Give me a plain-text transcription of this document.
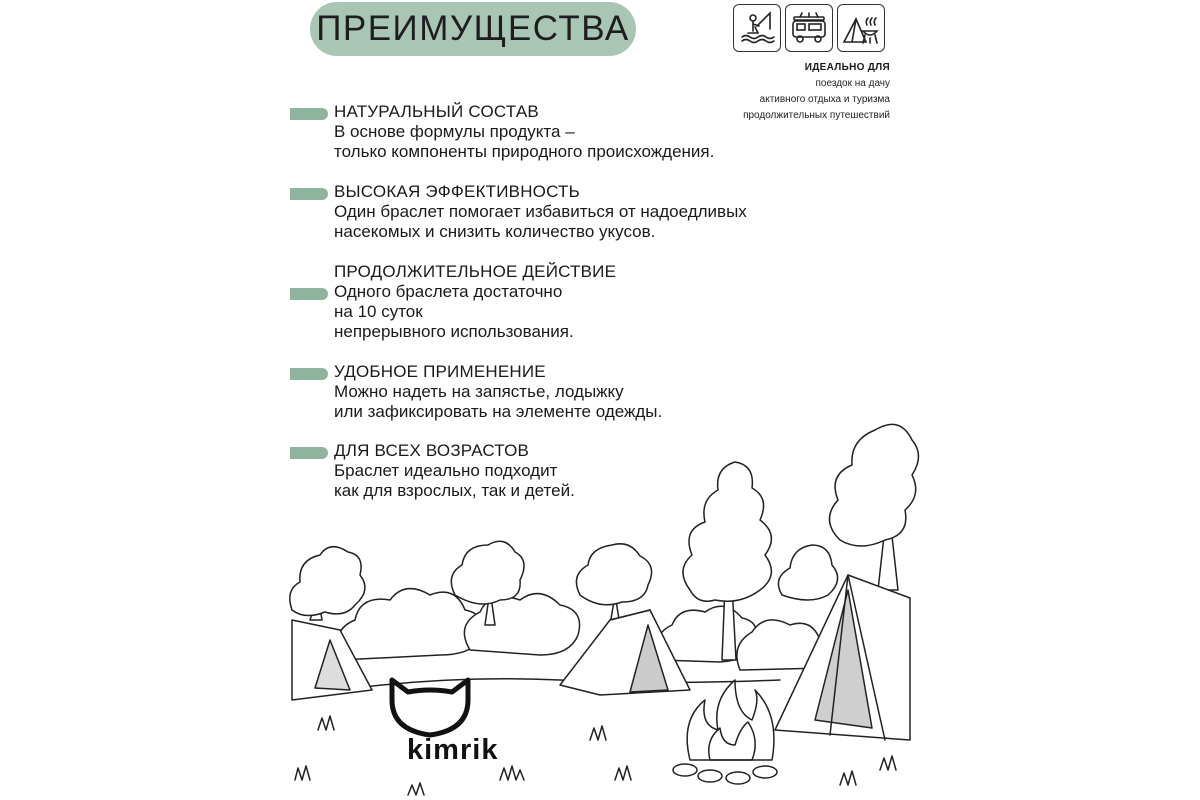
ПРЕИМУЩЕСТВА
ИДЕАЛЬНО ДЛЯ
поездок на дачу
активного отдыха и туризма
продолжительных путешествий
НАТУРАЛЬНЫЙ СОСТАВ
В основе формулы продукта –
только компоненты природного происхождения.
ВЫСОКАЯ ЭФФЕКТИВНОСТЬ
Один браслет помогает избавиться от надоедливых
насекомых и снизить количество укусов.
ПРОДОЛЖИТЕЛЬНОЕ ДЕЙСТВИЕ
Одного браслета достаточно
на 10 суток
непрерывного использования.
УДОБНОЕ ПРИМЕНЕНИЕ
Можно надеть на запястье, лодыжку
или зафиксировать на элементе одежды.
ДЛЯ ВСЕХ ВОЗРАСТОВ
Браслет идеально подходит
как для взрослых, так и детей.
kimrik
